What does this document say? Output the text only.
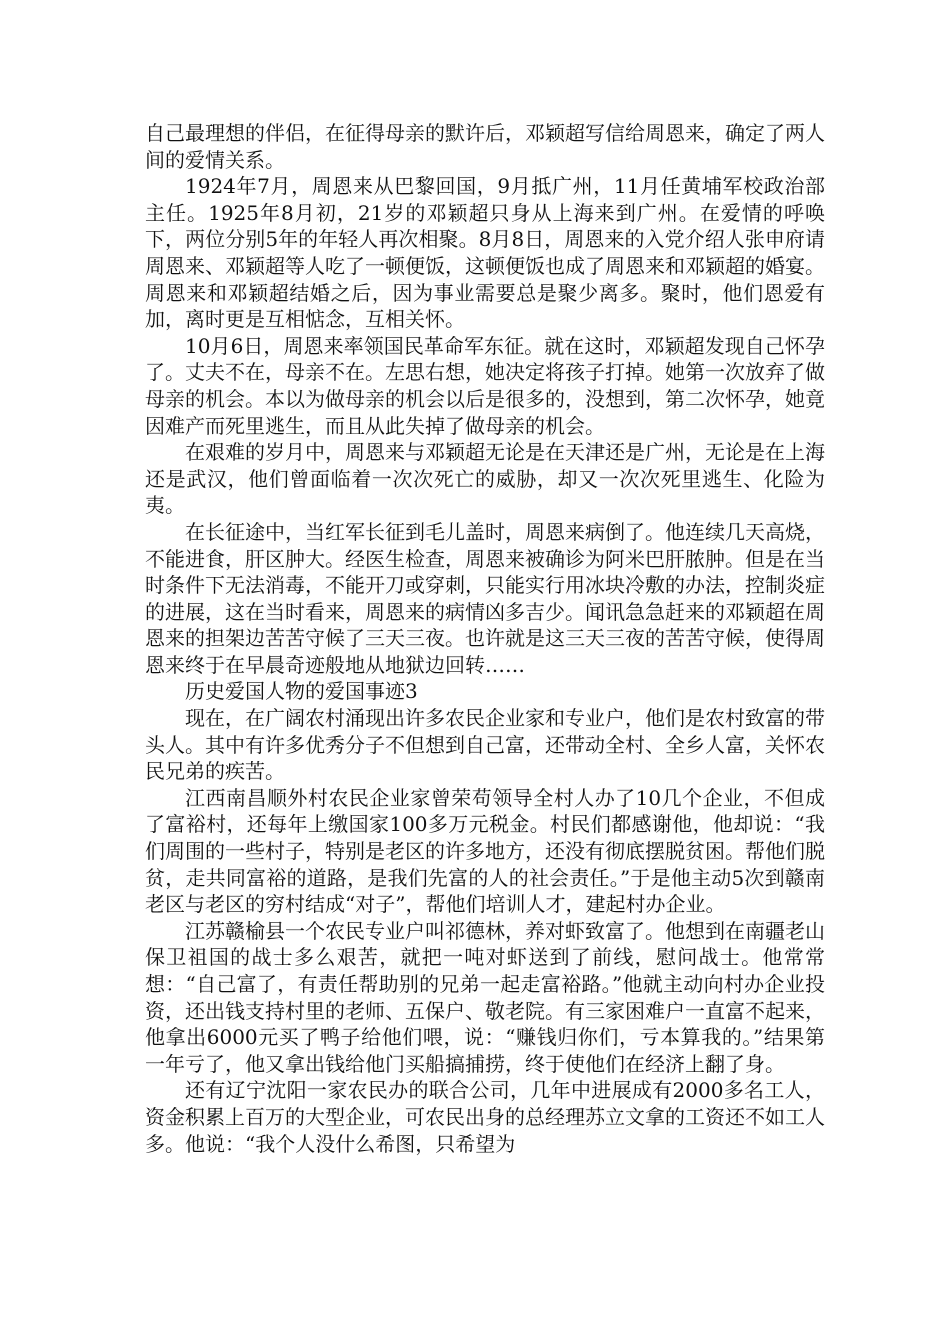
自己最理想的伴侣，在征得母亲的默许后，邓颖超写信给周恩来，确定了两人间的爱情关系。

1924年7月，周恩来从巴黎回国，9月抵广州，11月任黄埔军校政治部主任。1925年8月初，21岁的邓颖超只身从上海来到广州。在爱情的呼唤下，两位分别5年的年轻人再次相聚。8月8日，周恩来的入党介绍人张申府请周恩来、邓颖超等人吃了一顿便饭，这顿便饭也成了周恩来和邓颖超的婚宴。周恩来和邓颖超结婚之后，因为事业需要总是聚少离多。聚时，他们恩爱有加，离时更是互相惦念，互相关怀。

10月6日，周恩来率领国民革命军东征。就在这时，邓颖超发现自己怀孕了。丈夫不在，母亲不在。左思右想，她决定将孩子打掉。她第一次放弃了做母亲的机会。本以为做母亲的机会以后是很多的，没想到，第二次怀孕，她竟因难产而死里逃生，而且从此失掉了做母亲的机会。

在艰难的岁月中，周恩来与邓颖超无论是在天津还是广州，无论是在上海还是武汉，他们曾面临着一次次死亡的威胁，却又一次次死里逃生、化险为夷。

在长征途中，当红军长征到毛儿盖时，周恩来病倒了。他连续几天高烧，不能进食，肝区肿大。经医生检查，周恩来被确诊为阿米巴肝脓肿。但是在当时条件下无法消毒，不能开刀或穿刺，只能实行用冰块冷敷的办法，控制炎症的进展，这在当时看来，周恩来的病情凶多吉少。闻讯急急赶来的邓颖超在周恩来的担架边苦苦守候了三天三夜。也许就是这三天三夜的苦苦守候，使得周恩来终于在早晨奇迹般地从地狱边回转……

历史爱国人物的爱国事迹3

现在，在广阔农村涌现出许多农民企业家和专业户，他们是农村致富的带头人。其中有许多优秀分子不但想到自己富，还带动全村、全乡人富，关怀农民兄弟的疾苦。

江西南昌顺外村农民企业家曾荣苟领导全村人办了10几个企业，不但成了富裕村，还每年上缴国家100多万元税金。村民们都感谢他，他却说：“我们周围的一些村子，特别是老区的许多地方，还没有彻底摆脱贫困。帮他们脱贫，走共同富裕的道路，是我们先富的人的社会责任。”于是他主动5次到赣南老区与老区的穷村结成“对子”，帮他们培训人才，建起村办企业。

江苏赣榆县一个农民专业户叫祁德林，养对虾致富了。他想到在南疆老山保卫祖国的战士多么艰苦，就把一吨对虾送到了前线，慰问战士。他常常想：“自己富了，有责任帮助别的兄弟一起走富裕路。”他就主动向村办企业投资，还出钱支持村里的老师、五保户、敬老院。有三家困难户一直富不起来，他拿出6000元买了鸭子给他们喂，说：“赚钱归你们，亏本算我的。”结果第一年亏了，他又拿出钱给他门买船搞捕捞，终于使他们在经济上翻了身。

还有辽宁沈阳一家农民办的联合公司，几年中进展成有2000多名工人，资金积累上百万的大型企业，可农民出身的总经理苏立文拿的工资还不如工人多。他说：“我个人没什么希图，只希望为
